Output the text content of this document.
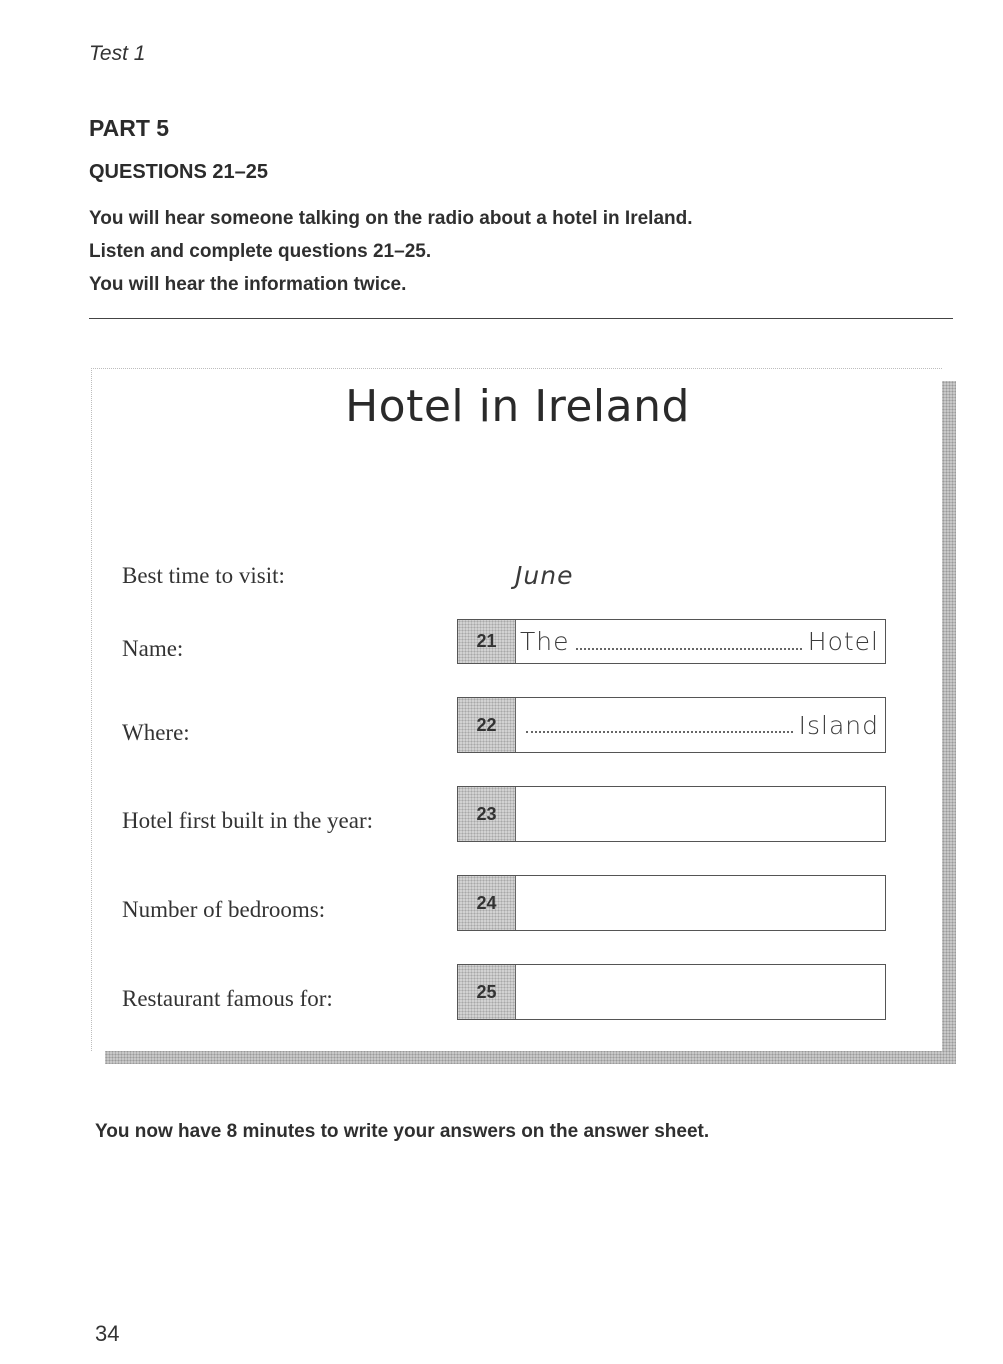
Test 1
PART 5
QUESTIONS 21–25
You will hear someone talking on the radio about a hotel in Ireland.
Listen and complete questions 21–25.
You will hear the information twice.
Hotel in Ireland
Best time to visit:	June
Name:	21 The	Hotel
Where:	22	Island
Hotel first built in the year:	23
Number of bedrooms:	24
Restaurant famous for:	25
You now have 8 minutes to write your answers on the answer sheet.
34
